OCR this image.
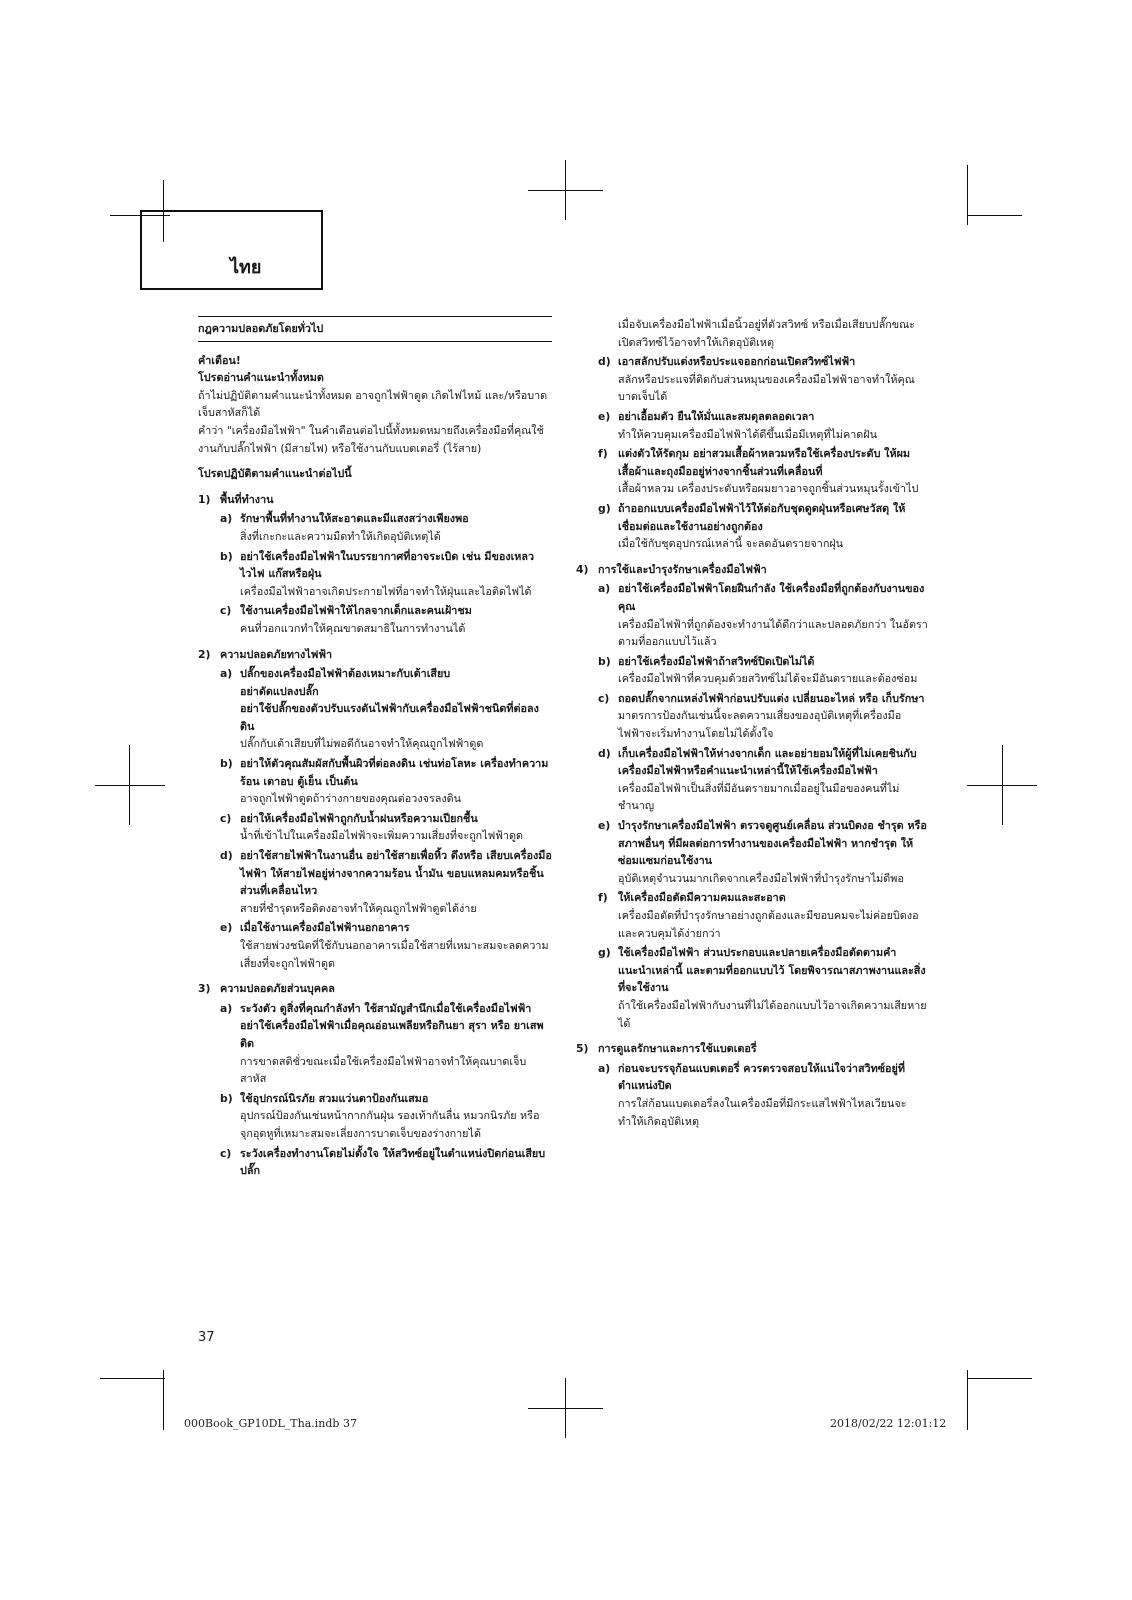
ไทย
กฎความปลอดภัยโดยทั่วไป

คำเตือน!

โปรดอ่านคำแนะนำทั้งหมด

ถ้าไม่ปฏิบัติตามคำแนะนำทั้งหมด อาจถูกไฟฟ้าดูด เกิดไฟไหม้ และ/หรือบาดเจ็บสาหัสก็ได้

คำว่า "เครื่องมือไฟฟ้า" ในคำเตือนต่อไปนี้ทั้งหมดหมายถึงเครื่องมือที่คุณใช้งานกับปลั๊กไฟฟ้า (มีสายไฟ) หรือใช้งานกับแบตเตอรี่ (ไร้สาย)

โปรดปฏิบัติตามคำแนะนำต่อไปนี้

1) พื้นที่ทำงาน
a) รักษาพื้นที่ทำงานให้สะอาดและมีแสงสว่างเพียงพอ

สิ่งที่เกะกะและความมืดทำให้เกิดอุบัติเหตุได้

b) อย่าใช้เครื่องมือไฟฟ้าในบรรยากาศที่อาจระเบิด เช่น มีของเหลวไวไฟ แก๊สหรือฝุ่น

เครื่องมือไฟฟ้าอาจเกิดประกายไฟที่อาจทำให้ฝุ่นและไอติดไฟได้

c) ใช้งานเครื่องมือไฟฟ้าให้ไกลจากเด็กและคนเฝ้าชม

คนที่วอกแวกทำให้คุณขาดสมาธิในการทำงานได้

2) ความปลอดภัยทางไฟฟ้า
a) ปลั๊กของเครื่องมือไฟฟ้าต้องเหมาะกับเต้าเสียบ

อย่าดัดแปลงปลั๊ก

อย่าใช้ปลั๊กของตัวปรับแรงดันไฟฟ้ากับเครื่องมือไฟฟ้าชนิดที่ต่อลงดิน

ปลั๊กกับเต้าเสียบที่ไม่พอดีกันอาจทำให้คุณถูกไฟฟ้าดูด

b) อย่าให้ตัวคุณสัมผัสกับพื้นผิวที่ต่อลงดิน เช่นท่อโลหะ เครื่องทำความร้อน เตาอบ ตู้เย็น เป็นต้น

อาจถูกไฟฟ้าดูดถ้าร่างกายของคุณต่อวงจรลงดิน

c) อย่าให้เครื่องมือไฟฟ้าถูกกับน้ำฝนหรือความเปียกชื้น

น้ำที่เข้าไปในเครื่องมือไฟฟ้าจะเพิ่มความเสี่ยงที่จะถูกไฟฟ้าดูด

d) อย่าใช้สายไฟฟ้าในงานอื่น อย่าใช้สายเพื่อหิ้ว ดึงหรือ เสียบเครื่องมือไฟฟ้า ให้สายไฟอยู่ห่างจากความร้อน น้ำมัน ขอบแหลมคมหรือชิ้นส่วนที่เคลื่อนไหว

สายที่ชำรุดหรือติดงอาจทำให้คุณถูกไฟฟ้าดูดได้ง่าย

e) เมื่อใช้งานเครื่องมือไฟฟ้านอกอาคาร

ใช้สายพ่วงชนิดที่ใช้กับนอกอาคารเมื่อใช้สายที่เหมาะสมจะลดความเสี่ยงที่จะถูกไฟฟ้าดูด

3) ความปลอดภัยส่วนบุคคล
a) ระวังตัว ดูสิ่งที่คุณกำลังทำ ใช้สามัญสำนึกเมื่อใช้เครื่องมือไฟฟ้า อย่าใช้เครื่องมือไฟฟ้าเมื่อคุณอ่อนเพลียหรือกินยา สุรา หรือ ยาเสพติด

การขาดสติชั่วขณะเมื่อใช้เครื่องมือไฟฟ้าอาจทำให้คุณบาดเจ็บสาหัส

b) ใช้อุปกรณ์นิรภัย สวมแว่นตาป้องกันเสมอ

อุปกรณ์ป้องกันเช่นหน้ากากกันฝุ่น รองเท้ากันลื่น หมวกนิรภัย หรือจุกอุดหูที่เหมาะสมจะเลี่ยงการบาดเจ็บของร่างกายได้

c) ระวังเครื่องทำงานโดยไม่ตั้งใจ ให้สวิทซ์อยู่ในตำแหน่งปิดก่อนเสียบปลั๊ก

เมื่อจับเครื่องมือไฟฟ้าเมื่อนิ้วอยู่ที่ตัวสวิทซ์ หรือเมื่อเสียบปลั๊กขณะเปิดสวิทซ์ไว้อาจทำให้เกิดอุบัติเหตุ

d) เอาสลักปรับแต่งหรือประแจออกก่อนเปิดสวิทซ์ไฟฟ้า

สลักหรือประแจที่ติดกับส่วนหมุนของเครื่องมือไฟฟ้าอาจทำให้คุณบาดเจ็บได้

e) อย่าเอื้อมตัว ยืนให้มั่นและสมดุลตลอดเวลา

ทำให้ควบคุมเครื่องมือไฟฟ้าได้ดีขึ้นเมื่อมีเหตุที่ไม่คาดฝัน

f) แต่งตัวให้รัดกุม อย่าสวมเสื้อผ้าหลวมหรือใช้เครื่องประดับ ให้ผม เสื้อผ้าและถุงมืออยู่ห่างจากชิ้นส่วนที่เคลื่อนที่

เสื้อผ้าหลวม เครื่องประดับหรือผมยาวอาจถูกชิ้นส่วนหมุนรั้งเข้าไป

g) ถ้าออกแบบเครื่องมือไฟฟ้าไว้ให้ต่อกับชุดดูดฝุ่นหรือเศษวัสดุ ให้เชื่อมต่อและใช้งานอย่างถูกต้อง

เมื่อใช้กับชุดอุปกรณ์เหล่านี้ จะลดอันตรายจากฝุ่น

4) การใช้และบำรุงรักษาเครื่องมือไฟฟ้า
a) อย่าใช้เครื่องมือไฟฟ้าโดยฝืนกำลัง ใช้เครื่องมือที่ถูกต้องกับงานของคุณ

เครื่องมือไฟฟ้าที่ถูกต้องจะทำงานได้ดีกว่าและปลอดภัยกว่า ในอัตราตามที่ออกแบบไว้แล้ว

b) อย่าใช้เครื่องมือไฟฟ้าถ้าสวิทซ์ปิดเปิดไม่ได้

เครื่องมือไฟฟ้าที่ควบคุมด้วยสวิทซ์ไม่ได้จะมีอันตรายและต้องซ่อม

c) ถอดปลั๊กจากแหล่งไฟฟ้าก่อนปรับแต่ง เปลี่ยนอะไหล่ หรือ เก็บรักษา

มาตรการป้องกันเช่นนี้จะลดความเสี่ยงของอุบัติเหตุที่เครื่องมือไฟฟ้าจะเริ่มทำงานโดยไม่ได้ตั้งใจ

d) เก็บเครื่องมือไฟฟ้าให้ห่างจากเด็ก และอย่ายอมให้ผู้ที่ไม่เคยชินกับเครื่องมือไฟฟ้าหรือคำแนะนำเหล่านี้ให้ใช้เครื่องมือไฟฟ้า

เครื่องมือไฟฟ้าเป็นสิ่งที่มีอันตรายมากเมื่ออยู่ในมือของคนที่ไม่ชำนาญ

e) บำรุงรักษาเครื่องมือไฟฟ้า ตรวจดูศูนย์เคลื่อน ส่วนบิดงอ ชำรุด หรือสภาพอื่นๆ ที่มีผลต่อการทำงานของเครื่องมือไฟฟ้า หากชำรุด ให้ซ่อมแซมก่อนใช้งาน

อุบัติเหตุจำนวนมากเกิดจากเครื่องมือไฟฟ้าที่บำรุงรักษาไม่ดีพอ

f) ให้เครื่องมือตัดมีความคมและสะอาด

เครื่องมือตัดที่บำรุงรักษาอย่างถูกต้องและมีขอบคมจะไม่ค่อยบิดงอ และควบคุมได้ง่ายกว่า

g) ใช้เครื่องมือไฟฟ้า ส่วนประกอบและปลายเครื่องมือตัดตามคำแนะนำเหล่านี้ และตามที่ออกแบบไว้ โดยพิจารณาสภาพงานและสิ่งที่จะใช้งาน

ถ้าใช้เครื่องมือไฟฟ้ากับงานที่ไม่ได้ออกแบบไว้อาจเกิดความเสียหายได้

5) การดูแลรักษาและการใช้แบตเตอรี่
a) ก่อนจะบรรจุก้อนแบตเตอรี่ ควรตรวจสอบให้แน่ใจว่าสวิทซ์อยู่ที่ตำแหน่งปิด

การใส่ก้อนแบตเตอรี่ลงในเครื่องมือที่มีกระแสไฟฟ้าไหลเวียนจะทำให้เกิดอุบัติเหตุ

37
000Book_GP10DL_Tha.indb 37	2018/02/22 12:01:12
